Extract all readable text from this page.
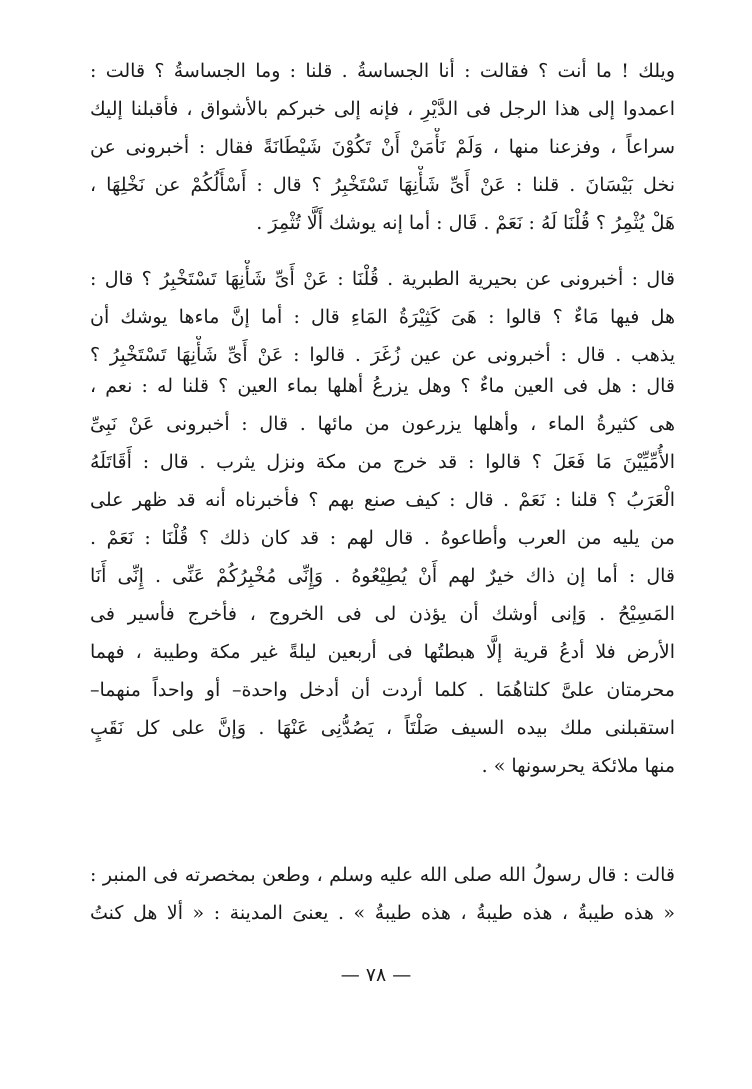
ويلك ! ما أنت ؟ فقالت : أنا الجساسةُ . قلنا : وما الجساسةُ ؟ قالت :
اعمدوا إلى هذا الرجل فى الدَّيْرِ ، فإنه إلى خبركم بالأشواق ، فأقبلنا إليك
سراعاً ، وفزعنا منها ، وَلَمْ نَأْمَنْ أَنْ تَكُوْنَ شَيْطَانَةً فقال : أخبرونى عن
نخل بَيْسَانَ . قلنا : عَنْ أَىِّ شَأْنِهَا تَسْتَخْبِرُ ؟ قال : أَسْأَلُكُمْ عن نَخْلِهَا ،
هَلْ يُثْمِرُ ؟ قُلْنَا لَهُ : نَعَمْ . قَال : أما إنه يوشك أَلَّا تُثْمِرَ .
قال : أخبرونى عن بحيرية الطبرية . قُلْنَا : عَنْ أَىِّ شَأْنِهَا تَسْتَخْبِرُ ؟ قال :
هل فيها مَاءٌ ؟ قالوا : هَىَ كَثِيْرَةُ المَاءِ قال : أما إنَّ ماءها يوشك أن
يذهب . قال : أخبرونى عن عين زُغَرَ . قالوا : عَنْ أَىِّ شَأْنِهَا تَسْتَخْبِرُ ؟
قال : هل فى العين ماءٌ ؟ وهل يزرعُ أهلها بماء العين ؟ قلنا له : نعم ،
هى كثيرةُ الماء ، وأهلها يزرعون من مائها . قال : أخبرونى عَنْ نَبِىِّ
الأُمِّيِّيْنَ مَا فَعَلَ ؟ قالوا : قد خرج من مكة ونزل يثرب . قال : أَقَاتَلَهُ
الْعَرَبُ ؟ قلنا : نَعَمْ . قال : كيف صنع بهم ؟ فأخبرناه أنه قد ظهر على
من يليه من العرب وأطاعوهُ . قال لهم : قد كان ذلك ؟ قُلْنَا : نَعَمْ .
قال : أما إن ذاك خيرٌ لهم أَنْ يُطِيْعُوهُ . وَإِنِّى مُخْبِرُكُمْ عَنِّى . إِنِّى أَنَا
المَسِيْحُ . وَإنى أوشك أن يؤذن لى فى الخروج ، فأخرج فأسير فى
الأرض فلا أدعُ قرية إلَّا هبطتُها فى أربعين ليلةً غير مكة وطيبة ، فهما
محرمتان علىَّ كلتاهُمَا . كلما أردت أن أدخل واحدة– أو واحداً منهما–
استقبلنى ملك بيده السيف صَلْتَاً ، يَصُدُّنِى عَنْهَا . وَإنَّ على كل نَقَبٍ
منها ملائكة يحرسونها » .
قالت : قال رسولُ الله صلى الله عليه وسلم ، وطعن بمخصرته فى المنبر :
« هذه طيبةُ ، هذه طيبةُ ، هذه طيبةُ » . يعنىَ المدينة : « ألا هل كنتُ
— ٧٨ —
